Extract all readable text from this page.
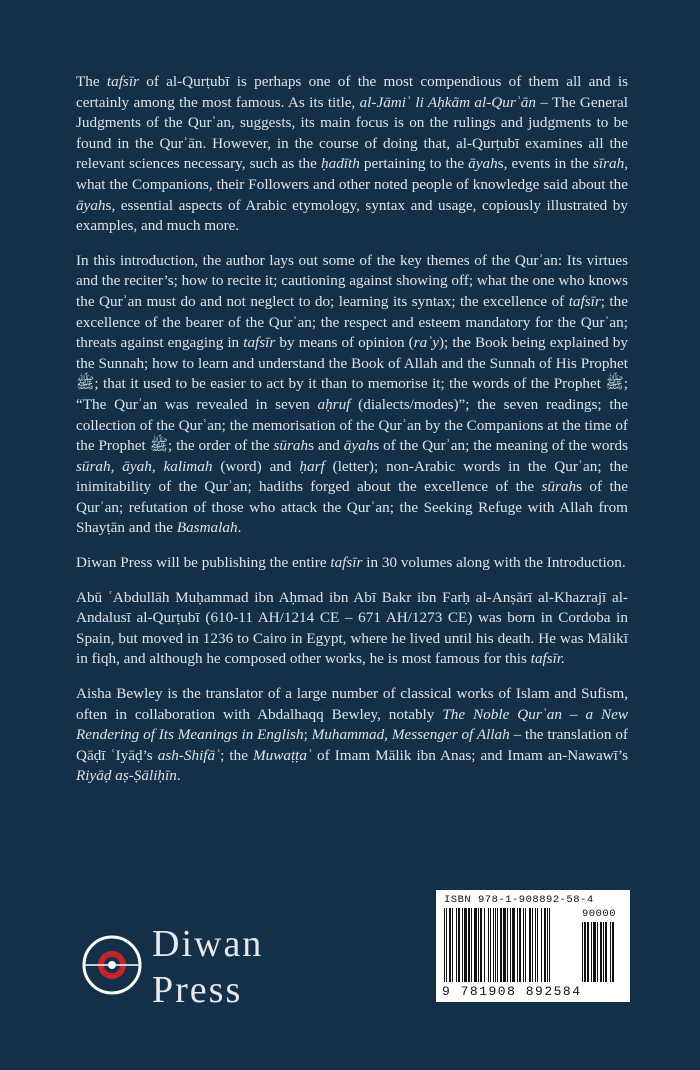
The tafsīr of al-Qurṭubī is perhaps one of the most compendious of them all and is certainly among the most famous. As its title, al-Jāmiʿ li Aḥkām al-Qurʾān – The General Judgments of the Qurʾan, suggests, its main focus is on the rulings and judgments to be found in the Qurʾān. However, in the course of doing that, al-Qurṭubī examines all the relevant sciences necessary, such as the ḥadīth pertaining to the āyahs, events in the sīrah, what the Companions, their Followers and other noted people of knowledge said about the āyahs, essential aspects of Arabic etymology, syntax and usage, copiously illustrated by examples, and much more.

In this introduction, the author lays out some of the key themes of the Qurʾan: Its virtues and the reciter’s; how to recite it; cautioning against showing off; what the one who knows the Qurʾan must do and not neglect to do; learning its syntax; the excellence of tafsīr; the excellence of the bearer of the Qurʾan; the respect and esteem mandatory for the Qurʾan; threats against engaging in tafsīr by means of opinion (raʾy); the Book being explained by the Sunnah; how to learn and understand the Book of Allah and the Sunnah of His Prophet ﷺ; that it used to be easier to act by it than to memorise it; the words of the Prophet ﷺ; “The Qurʾan was revealed in seven aḥruf (dialects/modes)”; the seven readings; the collection of the Qurʾan; the memorisation of the Qurʾan by the Companions at the time of the Prophet ﷺ; the order of the sūrahs and āyahs of the Qurʾan; the meaning of the words sūrah, āyah, kalimah (word) and ḥarf (letter); non-Arabic words in the Qurʾan; the inimitability of the Qurʾan; hadiths forged about the excellence of the sūrahs of the Qurʾan; refutation of those who attack the Qurʾan; the Seeking Refuge with Allah from Shayṭān and the Basmalah.

Diwan Press will be publishing the entire tafsīr in 30 volumes along with the Introduction.

Abū ʿAbdullāh Muḥammad ibn Aḥmad ibn Abī Bakr ibn Farḥ al-Anṣārī al-Khazrajī al-Andalusī al-Qurṭubī (610-11 AH/1214 CE – 671 AH/1273 CE) was born in Cordoba in Spain, but moved in 1236 to Cairo in Egypt, where he lived until his death. He was Mālikī in fiqh, and although he composed other works, he is most famous for this tafsīr.

Aisha Bewley is the translator of a large number of classical works of Islam and Sufism, often in collaboration with Abdalhaqq Bewley, notably The Noble Qurʾan – a New Rendering of Its Meanings in English; Muhammad, Messenger of Allah – the translation of Qāḍī ʿIyāḍ’s ash-Shifāʾ; the Muwaṭṭaʾ of Imam Mālik ibn Anas; and Imam an-Nawawī’s Riyāḍ aṣ-Ṣāliḥīn.

Diwan
Press
ISBN 978-1-908892-58-4
90000
9 781908 892584
